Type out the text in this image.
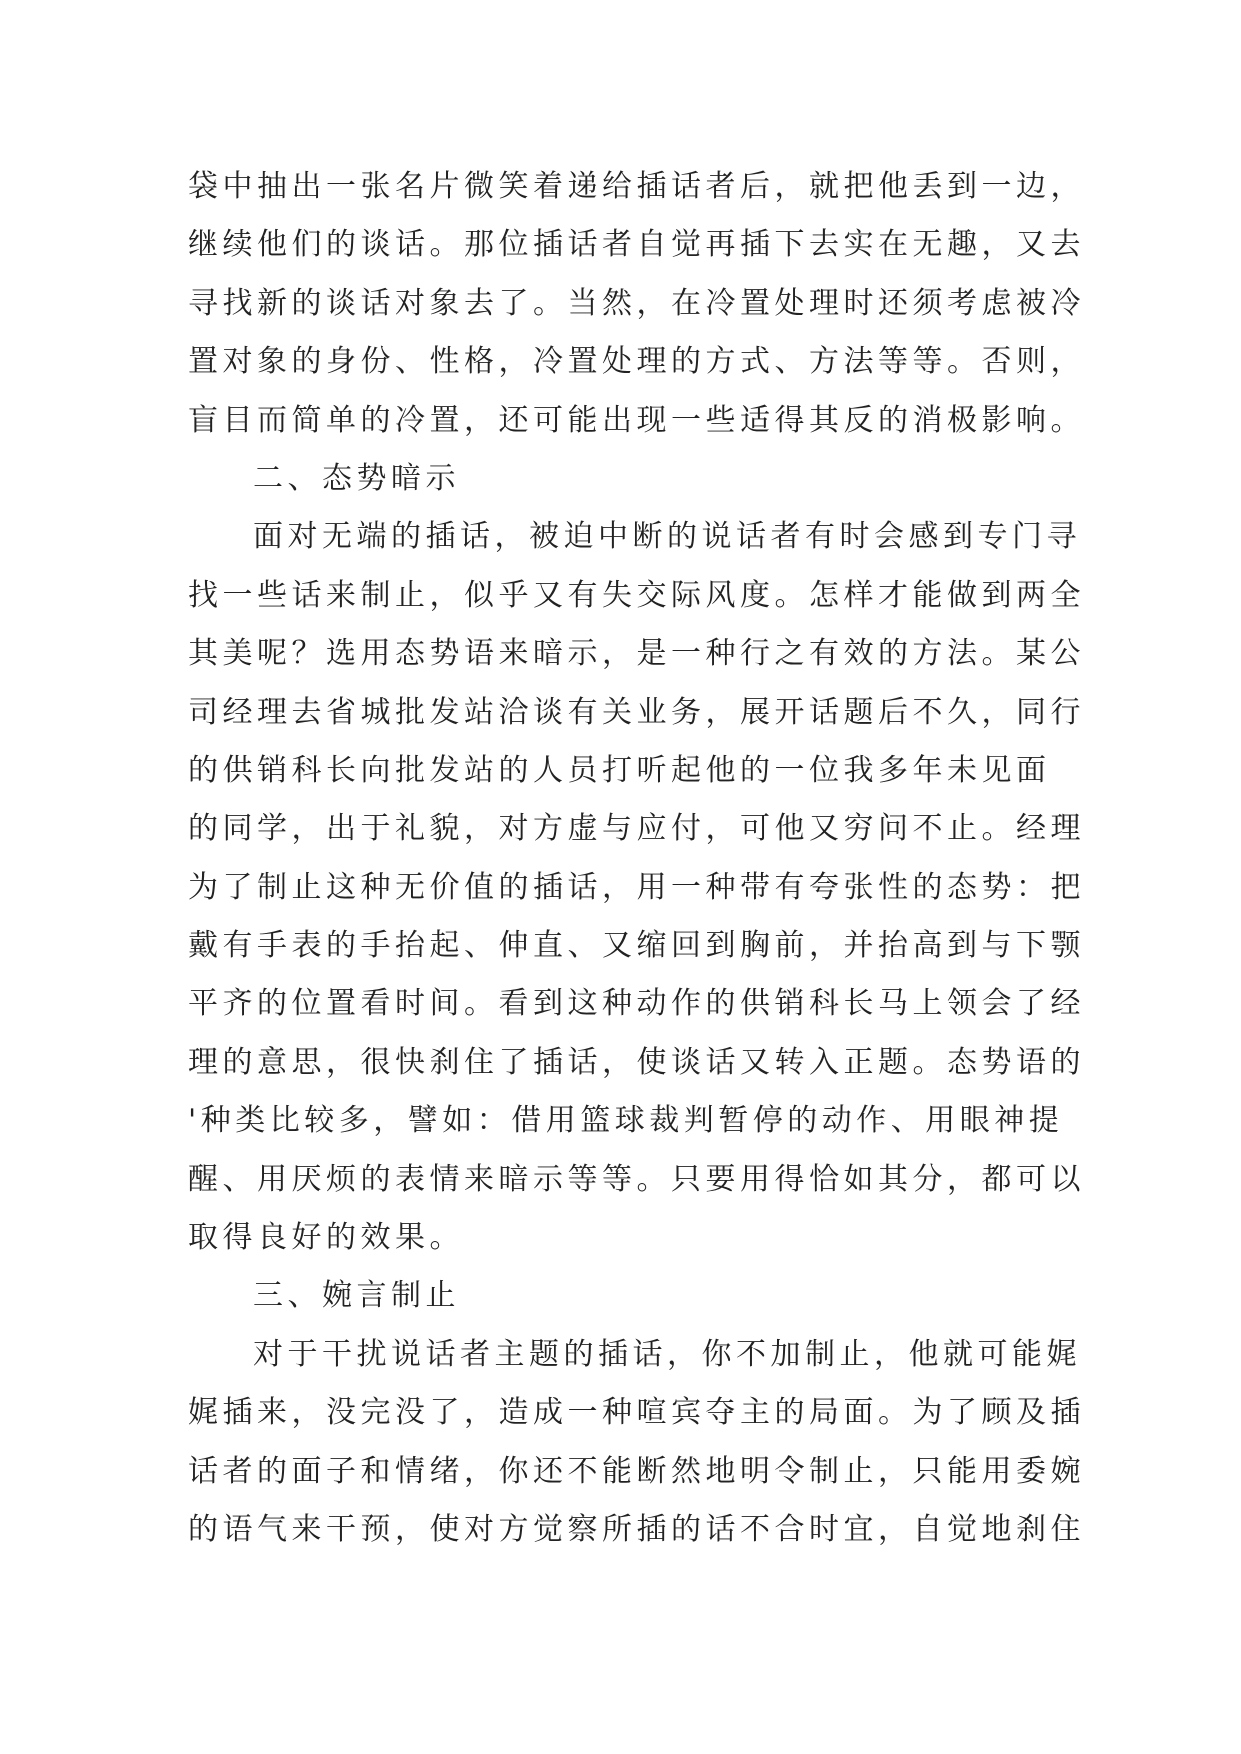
袋中抽出一张名片微笑着递给插话者后，就把他丢到一边，
继续他们的谈话。那位插话者自觉再插下去实在无趣，又去
寻找新的谈话对象去了。当然，在冷置处理时还须考虑被冷
置对象的身份、性格，冷置处理的方式、方法等等。否则，
盲目而简单的冷置，还可能出现一些适得其反的消极影响。
二、态势暗示
面对无端的插话，被迫中断的说话者有时会感到专门寻
找一些话来制止，似乎又有失交际风度。怎样才能做到两全
其美呢？选用态势语来暗示，是一种行之有效的方法。某公
司经理去省城批发站洽谈有关业务，展开话题后不久，同行
的供销科长向批发站的人员打听起他的一位我多年未见面
的同学，出于礼貌，对方虚与应付，可他又穷问不止。经理
为了制止这种无价值的插话，用一种带有夸张性的态势：把
戴有手表的手抬起、伸直、又缩回到胸前，并抬高到与下颚
平齐的位置看时间。看到这种动作的供销科长马上领会了经
理的意思，很快刹住了插话，使谈话又转入正题。态势语的
'种类比较多，譬如：借用篮球裁判暂停的动作、用眼神提
醒、用厌烦的表情来暗示等等。只要用得恰如其分，都可以
取得良好的效果。
三、婉言制止
对于干扰说话者主题的插话，你不加制止，他就可能娓
娓插来，没完没了，造成一种喧宾夺主的局面。为了顾及插
话者的面子和情绪，你还不能断然地明令制止，只能用委婉
的语气来干预，使对方觉察所插的话不合时宜，自觉地刹住
